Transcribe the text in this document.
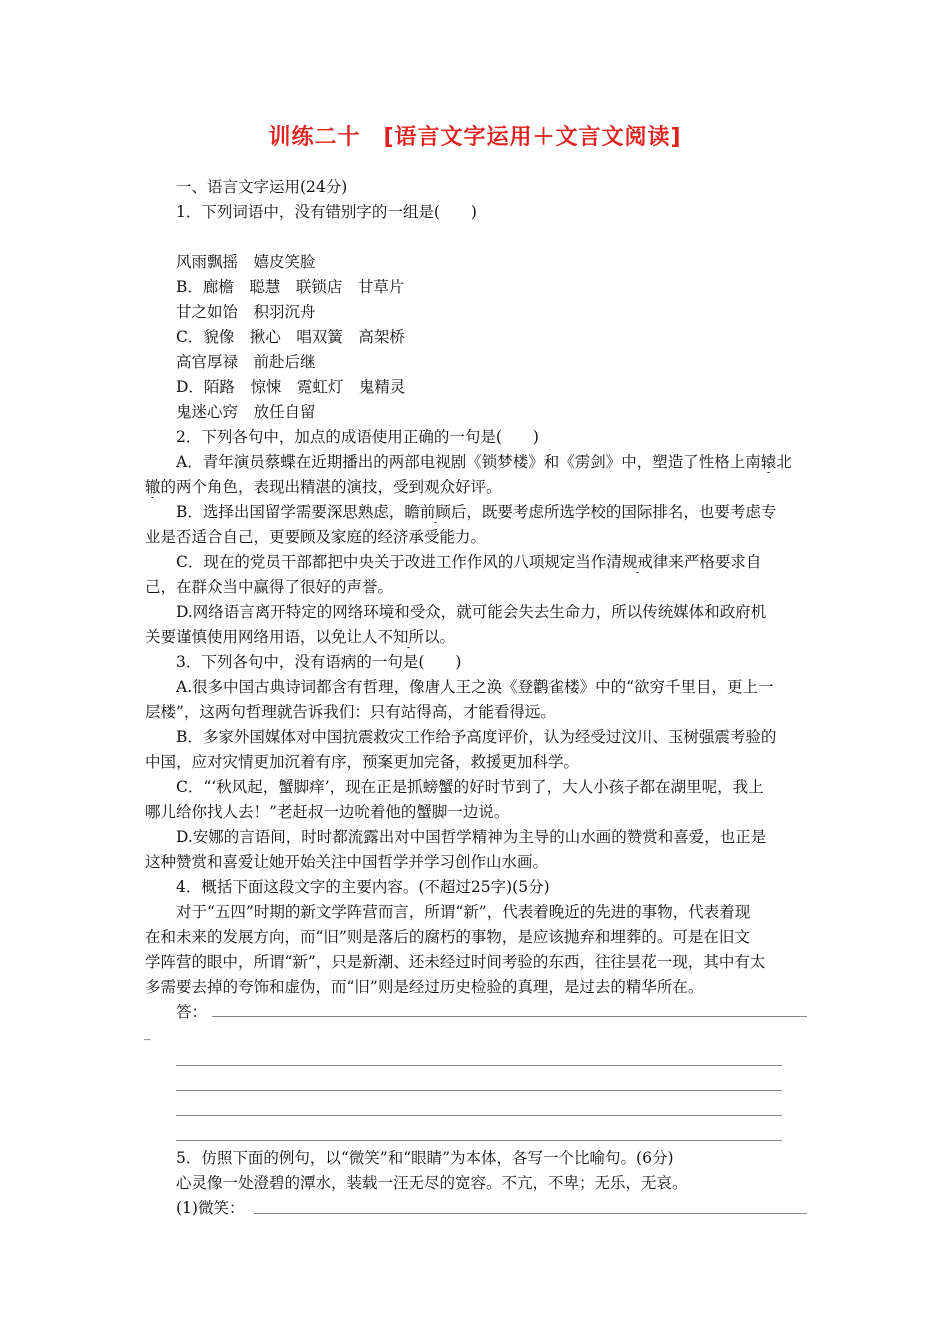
训练二十　[语言文字运用＋文言文阅读]
一、语言文字运用(24分)
1．下列词语中，没有错别字的一组是(　　)
风雨飘摇　嬉皮笑脸
B．廊檐　聪慧　联锁店　甘草片
甘之如饴　积羽沉舟
C．貌像　揪心　唱双簧　高架桥
高官厚禄　前赴后继
D．陌路　惊悚　霓虹灯　鬼精灵
鬼迷心窍　放任自留
2．下列各句中，加点的成语使用正确的一句是(　　)
A．青年演员蔡蝶在近期播出的两部电视剧《锁梦楼》和《雳剑》中，塑造了性格上南辕北
辙的两个角色，表现出精湛的演技，受到观众好评。
B．选择出国留学需要深思熟虑，瞻前顾后，既要考虑所选学校的国际排名，也要考虑专
业是否适合自己，更要顾及家庭的经济承受能力。
C．现在的党员干部都把中央关于改进工作作风的八项规定当作清规戒律来严格要求自
己，在群众当中赢得了很好的声誉。
D.网络语言离开特定的网络环境和受众，就可能会失去生命力，所以传统媒体和政府机
关要谨慎使用网络用语，以免让人不知所以。
3．下列各句中，没有语病的一句是(　　)
A.很多中国古典诗词都含有哲理，像唐人王之涣《登鹳雀楼》中的“欲穷千里目，更上一
层楼”，这两句哲理就告诉我们：只有站得高，才能看得远。
B．多家外国媒体对中国抗震救灾工作给予高度评价，认为经受过汶川、玉树强震考验的
中国，应对灾情更加沉着有序，预案更加完备，救援更加科学。
C．“‘秋风起，蟹脚痒’，现在正是抓螃蟹的好时节到了，大人小孩子都在湖里呢，我上
哪儿给你找人去！”老赶叔一边吮着他的蟹脚一边说。
D.安娜的言语间，时时都流露出对中国哲学精神为主导的山水画的赞赏和喜爱，也正是
这种赞赏和喜爱让她开始关注中国哲学并学习创作山水画。
4．概括下面这段文字的主要内容。(不超过25字)(5分)
对于“五四”时期的新文学阵营而言，所谓“新”，代表着晚近的先进的事物，代表着现
在和未来的发展方向，而“旧”则是落后的腐朽的事物，是应该抛弃和埋葬的。可是在旧文
学阵营的眼中，所谓“新”，只是新潮、还未经过时间考验的东西，往往昙花一现，其中有太
多需要去掉的夸饰和虚伪，而“旧”则是经过历史检验的真理，是过去的精华所在。
答：
_
5．仿照下面的例句，以“微笑”和“眼睛”为本体，各写一个比喻句。(6分)
心灵像一处澄碧的潭水，装载一汪无尽的宽容。不亢，不卑；无乐，无哀。
(1)微笑：
